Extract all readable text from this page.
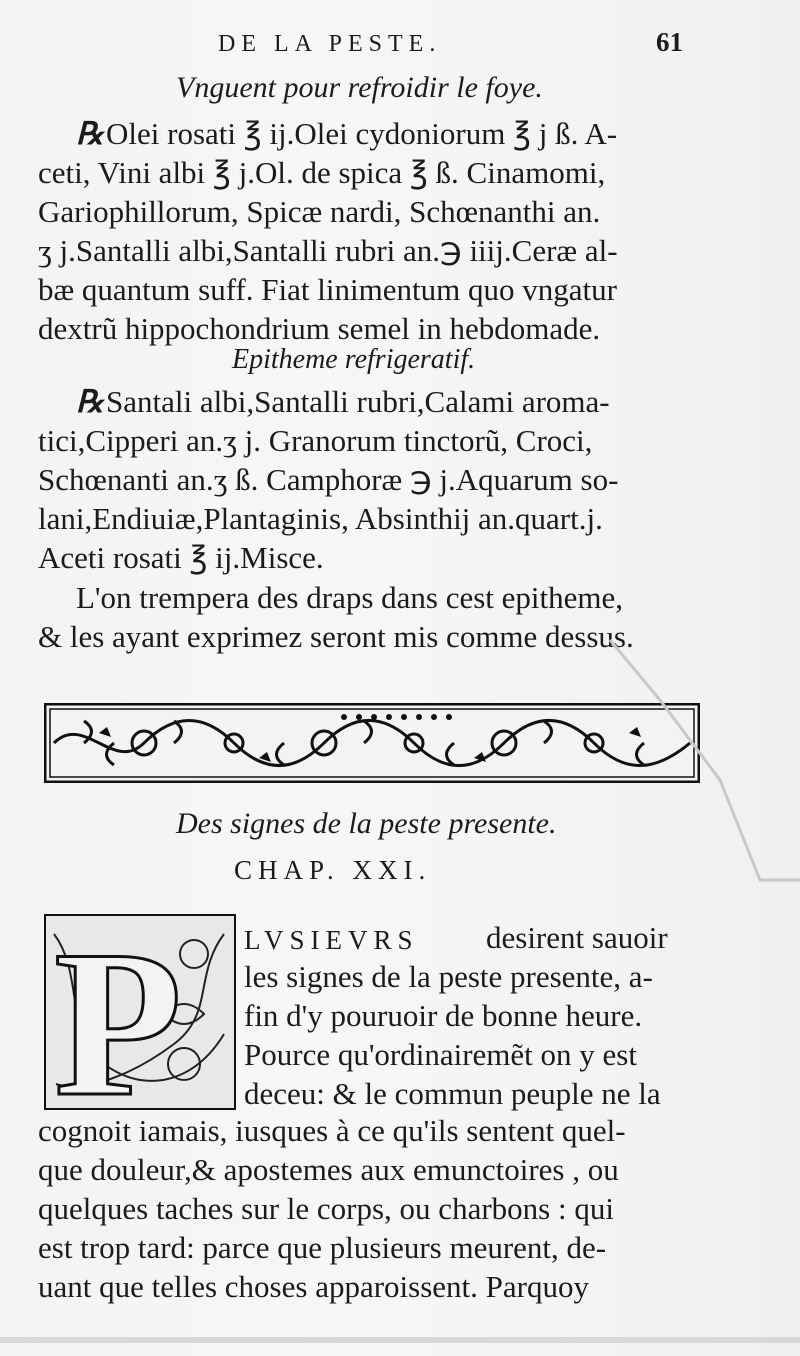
DE LA PESTE.	61
Vnguent pour refroidir le foye.
℞ Olei rosati ℥ ij.Olei cydoniorum ℥ j ß. A-
ceti, Vini albi ℥ j.Ol. de spica ℥ ß. Cinamomi,
Gariophillorum, Spicæ nardi, Schœnanthi an.
ʒ j.Santalli albi,Santalli rubri an.℈ iiij.Ceræ al-
bæ quantum suff. Fiat linimentum quo vngatur
dextrũ hippochondrium semel in hebdomade.
Epitheme refrigeratif.
℞ Santali albi,Santalli rubri,Calami aroma-
tici,Cipperi an.ʒ j. Granorum tinctorũ, Croci,
Schœnanti an.ʒ ß. Camphoræ ℈ j.Aquarum so-
lani,Endiuiæ,Plantaginis, Absinthij an.quart.j.
Aceti rosati ℥ ij.Misce.
L'on trempera des draps dans cest epitheme,
& les ayant exprimez seront mis comme dessus.
Des signes de la peste presente.
CHAP. XXI.
P LVSIEVRS desirent sauoir
les signes de la peste presente, a-
fin d'y pouruoir de bonne heure.
Pource qu'ordinairemẽt on y est
deceu: & le commun peuple ne la
cognoit iamais, iusques à ce qu'ils sentent quel-
que douleur,& apostemes aux emunctoires , ou
quelques taches sur le corps, ou charbons : qui
est trop tard: parce que plusieurs meurent, de-
uant que telles choses apparoissent. Parquoy
